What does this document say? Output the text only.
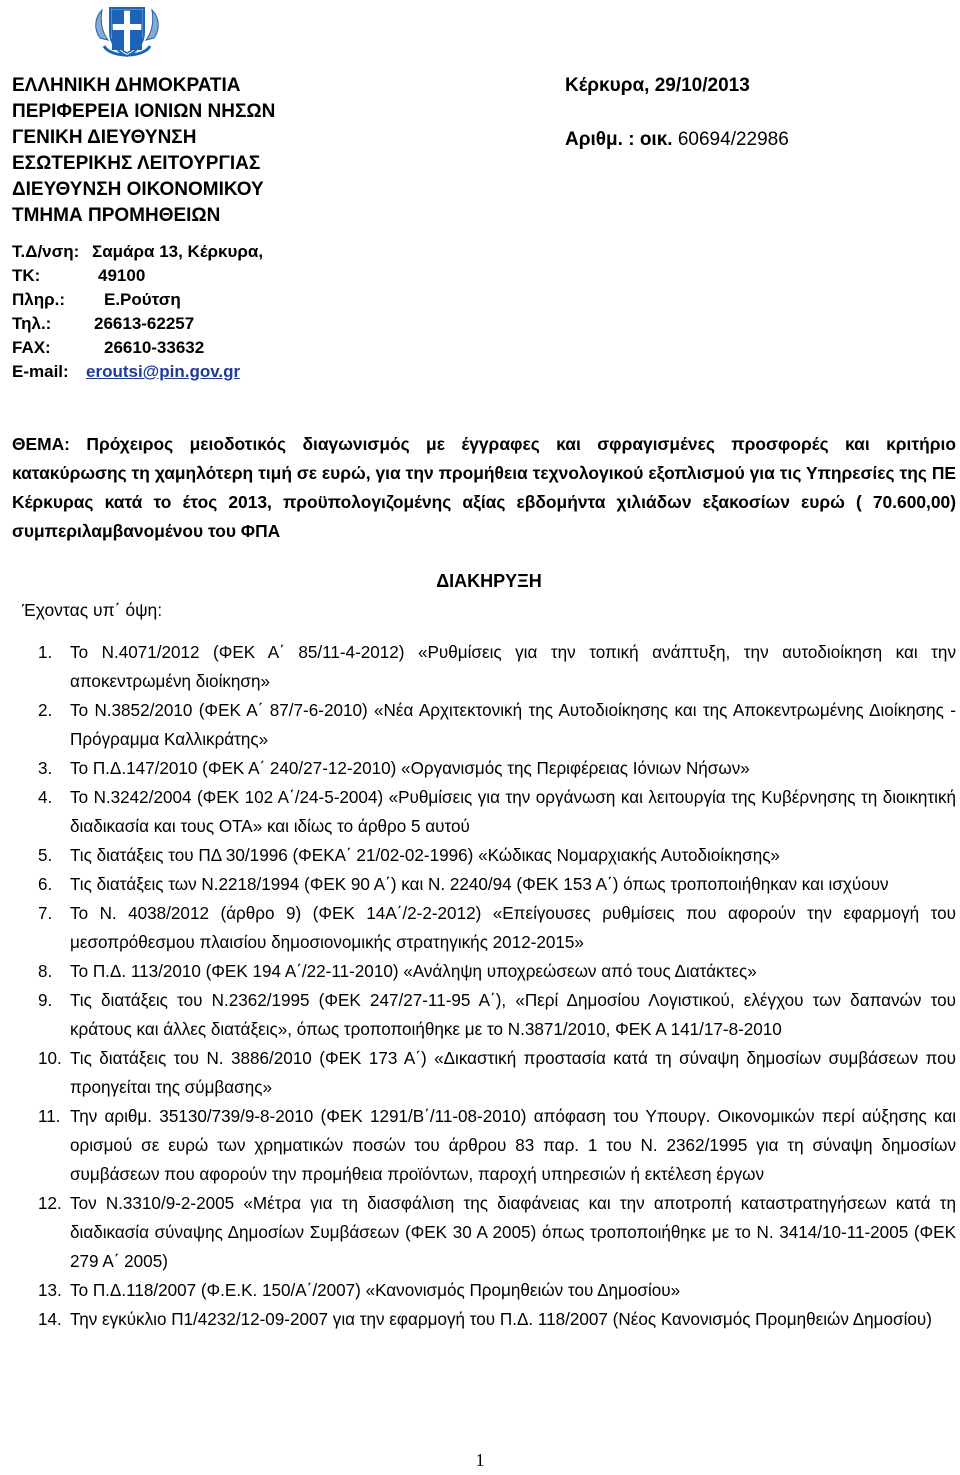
ΕΛΛΗΝΙΚΗ ΔΗΜΟΚΡΑΤΙΑ
ΠΕΡΙΦΕΡΕΙΑ ΙΟΝΙΩΝ ΝΗΣΩΝ
ΓΕΝΙΚΗ ΔΙΕΥΘΥΝΣΗ
ΕΣΩΤΕΡΙΚΗΣ ΛΕΙΤΟΥΡΓΙΑΣ
ΔΙΕΥΘΥΝΣΗ ΟΙΚΟΝΟΜΙΚΟΥ
ΤΜΗΜΑ ΠΡΟΜΗΘΕΙΩΝ
Τ.Δ/νση: Σαμάρα 13, Κέρκυρα,
ΤΚ:	49100
Πληρ.:	Ε.Ρούτση
Τηλ.:	26613-62257
FAX:	26610-33632
E-mail:	eroutsi@pin.gov.gr
Κέρκυρα, 29/10/2013
Αριθμ. : οικ. 60694/22986
ΘΕΜΑ: Πρόχειρος μειοδοτικός διαγωνισμός με έγγραφες και σφραγισμένες προσφορές και κριτήριο κατακύρωσης τη χαμηλότερη τιμή σε ευρώ, για την προμήθεια τεχνολογικού εξοπλισμού για τις Υπηρεσίες της ΠΕ Κέρκυρας κατά το έτος 2013, προϋπολογιζομένης αξίας εβδομήντα χιλιάδων εξακοσίων ευρώ ( 70.600,00) συμπεριλαμβανομένου του ΦΠΑ
ΔΙΑΚΗΡΥΞΗ
Έχοντας υπ΄ όψη:
1. Το Ν.4071/2012 (ΦΕΚ Α΄ 85/11-4-2012) «Ρυθμίσεις για την τοπική ανάπτυξη, την αυτοδιοίκηση και την αποκεντρωμένη διοίκηση»
2. Το Ν.3852/2010 (ΦΕΚ Α΄ 87/7-6-2010) «Νέα Αρχιτεκτονική της Αυτοδιοίκησης και της Αποκεντρωμένης Διοίκησης - Πρόγραμμα Καλλικράτης»
3. Το Π.Δ.147/2010 (ΦΕΚ Α΄ 240/27-12-2010) «Οργανισμός της Περιφέρειας Ιόνιων Νήσων»
4. Το Ν.3242/2004 (ΦΕΚ 102 Α΄/24-5-2004) «Ρυθμίσεις για την οργάνωση και λειτουργία της Κυβέρνησης τη διοικητική διαδικασία και τους ΟΤΑ» και ιδίως το άρθρο 5 αυτού
5. Τις διατάξεις του ΠΔ 30/1996 (ΦΕΚΑ΄ 21/02-02-1996) «Κώδικας Νομαρχιακής Αυτοδιοίκησης»
6. Τις διατάξεις των Ν.2218/1994 (ΦΕΚ 90 Α΄) και Ν. 2240/94 (ΦΕΚ 153 Α΄) όπως τροποποιήθηκαν και ισχύουν
7. Το Ν. 4038/2012 (άρθρο 9) (ΦΕΚ 14Α΄/2-2-2012) «Επείγουσες ρυθμίσεις που αφορούν την εφαρμογή του μεσοπρόθεσμου πλαισίου δημοσιονομικής στρατηγικής 2012-2015»
8. Το Π.Δ. 113/2010 (ΦΕΚ 194 Α΄/22-11-2010) «Ανάληψη υποχρεώσεων από τους Διατάκτες»
9. Τις διατάξεις του Ν.2362/1995 (ΦΕΚ 247/27-11-95 Α΄), «Περί Δημοσίου Λογιστικού, ελέγχου των δαπανών του κράτους και άλλες διατάξεις», όπως τροποποιήθηκε με το Ν.3871/2010, ΦΕΚ Α 141/17-8-2010
10. Τις διατάξεις του Ν. 3886/2010 (ΦΕΚ 173 Α΄) «Δικαστική προστασία κατά τη σύναψη δημοσίων συμβάσεων που προηγείται της σύμβασης»
11. Την αριθμ. 35130/739/9-8-2010 (ΦΕΚ 1291/Β΄/11-08-2010) απόφαση του Υπουργ. Οικονομικών περί αύξησης και ορισμού σε ευρώ των χρηματικών ποσών του άρθρου 83 παρ. 1 του Ν. 2362/1995 για τη σύναψη δημοσίων συμβάσεων που αφορούν την προμήθεια προϊόντων, παροχή υπηρεσιών ή εκτέλεση έργων
12. Τον Ν.3310/9-2-2005 «Μέτρα για τη διασφάλιση της διαφάνειας και την αποτροπή καταστρατηγήσεων κατά τη διαδικασία σύναψης Δημοσίων Συμβάσεων (ΦΕΚ 30 Α 2005) όπως τροποποιήθηκε με το Ν. 3414/10-11-2005 (ΦΕΚ 279 Α΄ 2005)
13. Το Π.Δ.118/2007 (Φ.Ε.Κ. 150/Α΄/2007) «Κανονισμός Προμηθειών του Δημοσίου»
14. Την εγκύκλιο Π1/4232/12-09-2007 για την εφαρμογή του Π.Δ. 118/2007 (Νέος Κανονισμός Προμηθειών Δημοσίου)
1
